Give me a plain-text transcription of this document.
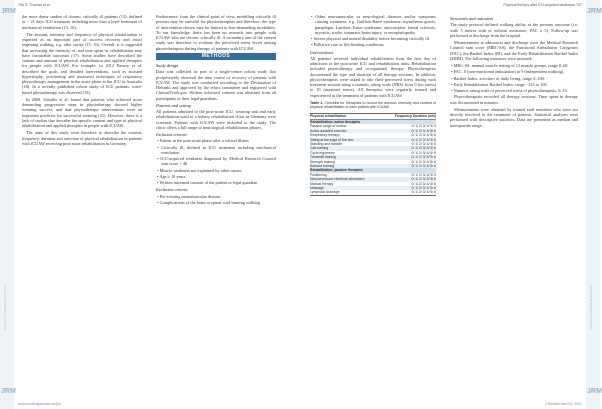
JRM
Journal of Rehabilitation Medicine
JRM
756 G. Thomas et al.

the more dense studies of chronic critically ill patients (12); defined as > 21 days ICU treatment including more than a level treatment of mechanical ventilation (13, 16).

The amount, intensity and frequency of physical rehabilitation is expected as an important part of success recovery and intact regaining walking, e.g. after stroke (15, 16). Overall, it is suggested that increasing the intensity of, and time spent in, rehabilitation may have favourable outcomes (17). Some studies have described the content and amount of physical rehabilitation and applied therapies for people with ICUAW. For example, in 2012 Berney et al. described the goals and detailed interventions, such as assisted hypertrophy, positioning and measured techniques of respiratory physiotherapy management in the acute phase to the ICU in Australia (18). In a recently published cohort study of ICU patients, ward-based physiotherapy was observed (19).

In 2009, Schaller et al. found that patients who achieved more demanding progression steps in physiotherapy showed higher weaning success, and that physiotherapy interventions were an important predictor for successful weaning (21). However, there is a lack of studies that describe the specific content and type of physical rehabilitation and applied therapies in people with ICUAW.

The aims of this study were therefore to describe the content, frequency, duration and outcome of physical rehabilitation in patients with ICUAW receiving post-acute rehabilitation in Germany.

Furthermore, from the clinical point of view, modelling critically ill persons may be stressful for physiotherapists and therefore, the type of intervention chosen may be limited to less-demanding modalities. To our knowledge, there has been no research into people with ICUAW who are chronic critically ill. A secondary aim of the current study was therefore to evaluate the perceived stress levels among physiotherapists during therapy of patients with ICUAW.

METHODS
Study design

Data was collected as part of a single-centre cohort study that prospectively observed the time course of recovery of patients with ICUAW. The study was conducted according to the Declaration of Helsinki and approved by the ethics committee and registered with ClinicalTrials.gov. Written informed consent was obtained from all participants or their legal guardians.

Patients and setting

All patients admitted to the post-acute ICU, weaning unit and early rehabilitation ward of a tertiary rehabilitation clinic in Germany were screened. Patients with ICUAW were included in the study. The clinic offers a full range of neurological rehabilitation phases.

Inclusion criteria
• Patient in the post-acute phase after a critical illness
• Critically ill, defined as ICU treatment including mechanical ventilation
• ICU-acquired weakness diagnosed by Medical Research Council sum score < 48
• Muscle weakness not explained by other causes
• Age ≥ 18 years
• Written informed consent of the patient or legal guardian
Exclusion criteria
• Pre-existing neuromuscular disease
• Complications of the brain or spinal cord limiting walking
www.medicaljournals.se/jrm
JRM
Journal of Rehabilitation Medicine
JRM
Physical therapy after ICU-acquired weakness 757
• Other neuromuscular or neurological diseases and/or symptoms causing weakness, e.g. Guillain-Barré syndrome, myasthenia gravis, paraplegia, Lambert–Eaton syndrome, amyotrophic lateral sclerosis, myositis, stroke, traumatic brain injury, or encephalopathy.
• Severe physical and mental disability before becoming critically ill.
• Palliative care or life-limiting conditions.
Interventions

All patients received individual rehabilitation from the first day of admission to the post-acute ICU and rehabilitation units. Rehabilitation included physiotherapy and occupational therapy. Physiotherapists documented the type and duration of all therapy sessions. In addition, physiotherapists were asked to rate their perceived stress during each treatment session using a numeric rating scale (NRS) from 0 (no stress) to 10 (maximal stress). All therapists were regularly trained and experienced in the treatment of patients with ICUAW.

Table 1. Checklist for therapists to record the amount, intensity and content of physical rehabilitation of each patient with ICUAW
Physical rehabilitation	Frequency Duration (min)
Rehabilitation: active therapies
Passive range of motion	0/ 1/ 2/ 3/ 4/ 5/ 6
Active-assisted exercise	0/ 1/ 2/ 3/ 4/ 5/ 6
Respiratory therapy	0/ 1/ 2/ 3/ 4/ 5/ 6
Sitting at the edge of the bed	0/ 1/ 2/ 3/ 4/ 5/ 6
Standing and transfer	0/ 1/ 2/ 3/ 4/ 5/ 6
Gait training	0/ 1/ 2/ 3/ 4/ 5/ 6
Cycle ergometry	0/ 1/ 2/ 3/ 4/ 5/ 6
Treadmill training	0/ 1/ 2/ 3/ 4/ 5/ 6
Strength training	0/ 1/ 2/ 3/ 4/ 5/ 6
Balance training	0/ 1/ 2/ 3/ 4/ 5/ 6
Rehabilitation: passive therapies
Positioning	0/ 1/ 2/ 3/ 4/ 5/ 6
Neuromuscular electrical stimulation	0/ 1/ 2/ 3/ 4/ 5/ 6
Manual therapy	0/ 1/ 2/ 3/ 4/ 5/ 6
Massage	0/ 1/ 2/ 3/ 4/ 5/ 6
Lymphatic drainage	0/ 1/ 2/ 3/ 4/ 5/ 6
Structures and outcomes

The study protocol defined walking ability as the primary outcome (i.e. walk 5 metres with or without assistance, FAC ≥ 3). Follow-up was performed at discharge from the hospital.

Measurements at admission and discharge were the Medical Research Council sum score (MRC-SS), the Functional Ambulation Categories (FAC), the Barthel Index (BI), and the Early Rehabilitation Barthel Index (ERBI). The following measures were assessed:

• MRC-SS: manual muscle testing of 12 muscle groups, range 0–60.
• FAC: 0 (non-functional ambulation) to 5 (independent walking).
• Barthel Index: activities of daily living, range 0–100.
• Early Rehabilitation Barthel Index: range −325 to 100.
• Numeric rating scale of perceived stress of physiotherapists, 0–10.

Physiotherapists recorded all therapy sessions. Time spent in therapy was documented in minutes.

Measurements were obtained by trained staff members who were not directly involved in the treatment of patients. Statistical analyses were performed with descriptive statistics. Data are presented as median and interquartile range.

J Rehabil Med 53, 2021
